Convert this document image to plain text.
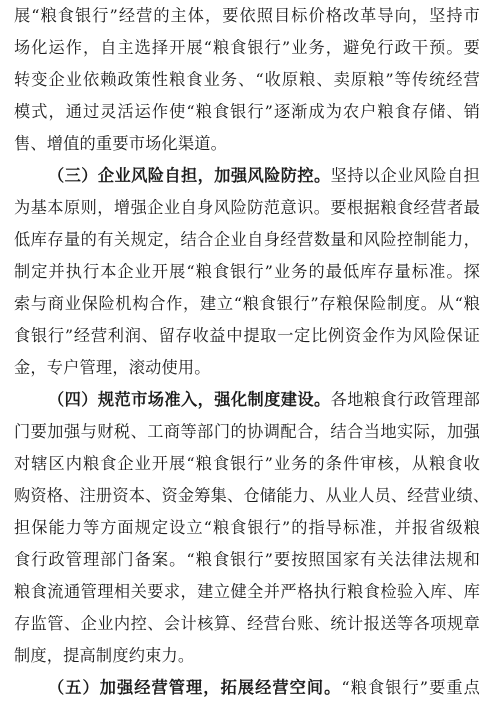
展“粮食银行”经营的主体，要依照目标价格改革导向，坚持市
场化运作，自主选择开展“粮食银行”业务，避免行政干预。要
转变企业依赖政策性粮食业务、“收原粮、卖原粮”等传统经营
模式，通过灵活运作使“粮食银行”逐渐成为农户粮食存储、销
售、增值的重要市场化渠道。
（三）企业风险自担，加强风险防控。坚持以企业风险自担
为基本原则，增强企业自身风险防范意识。要根据粮食经营者最
低库存量的有关规定，结合企业自身经营数量和风险控制能力，
制定并执行本企业开展“粮食银行”业务的最低库存量标准。探
索与商业保险机构合作，建立“粮食银行”存粮保险制度。从“粮
食银行”经营利润、留存收益中提取一定比例资金作为风险保证
金，专户管理，滚动使用。
（四）规范市场准入，强化制度建设。各地粮食行政管理部
门要加强与财税、工商等部门的协调配合，结合当地实际，加强
对辖区内粮食企业开展“粮食银行”业务的条件审核，从粮食收
购资格、注册资本、资金筹集、仓储能力、从业人员、经营业绩、
担保能力等方面规定设立“粮食银行”的指导标准，并报省级粮
食行政管理部门备案。“粮食银行”要按照国家有关法律法规和
粮食流通管理相关要求，建立健全并严格执行粮食检验入库、库
存监管、企业内控、会计核算、经营台账、统计报送等各项规章
制度，提高制度约束力。
（五）加强经营管理，拓展经营空间。“粮食银行”要重点
